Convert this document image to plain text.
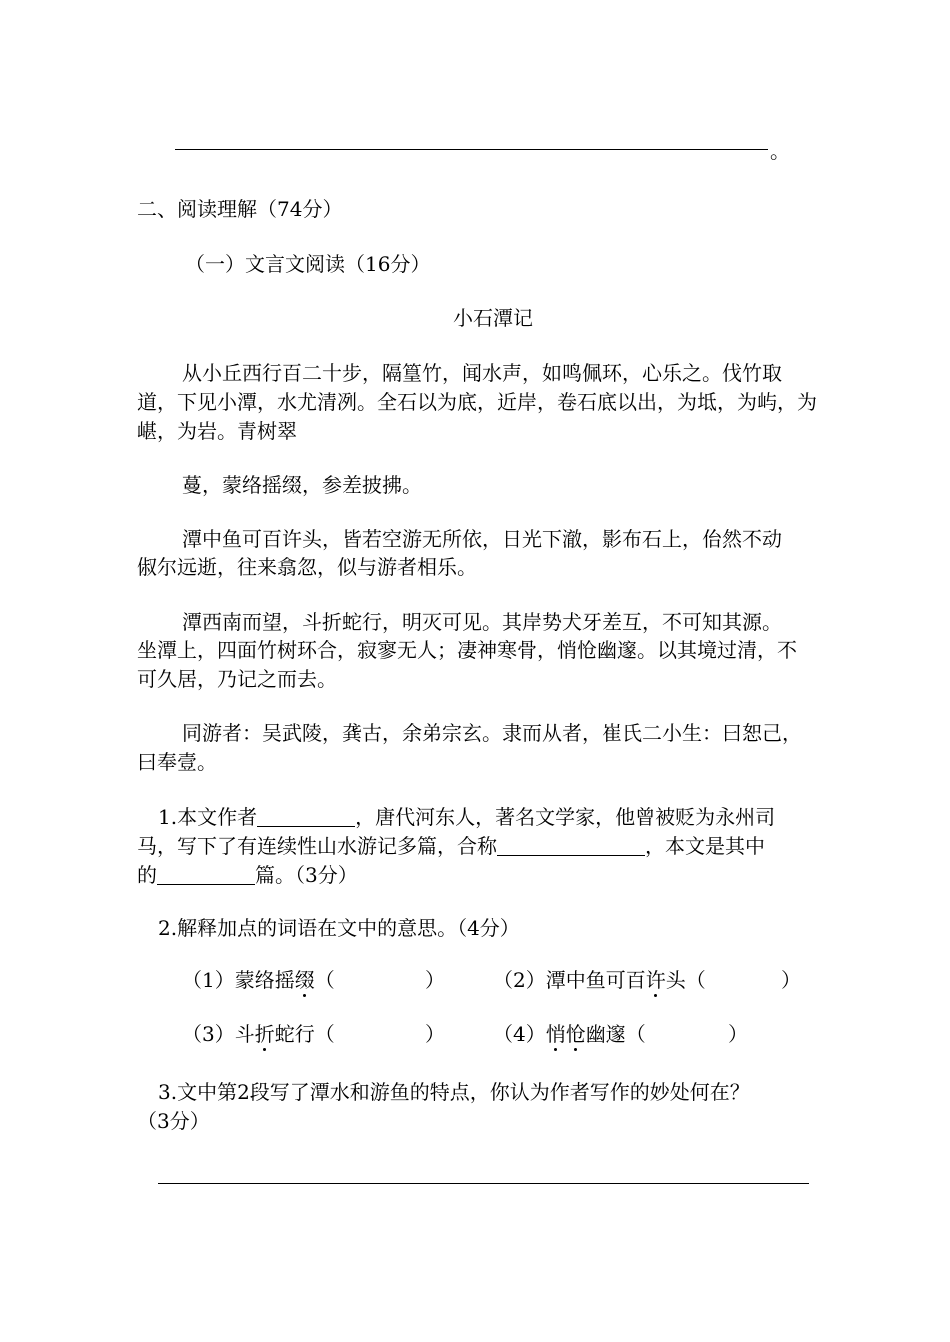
。
二、阅读理解（74分）
（一）文言文阅读（16分）
小石潭记
从小丘西行百二十步，隔篁竹，闻水声，如鸣佩环，心乐之。伐竹取
道，下见小潭，水尤清冽。全石以为底，近岸，卷石底以出，为坻，为屿，为
嵁，为岩。青树翠
蔓，蒙络摇缀，参差披拂。
潭中鱼可百许头，皆若空游无所依，日光下澈，影布石上，佁然不动
俶尔远逝，往来翕忽，似与游者相乐。
潭西南而望，斗折蛇行，明灭可见。其岸势犬牙差互，不可知其源。
坐潭上，四面竹树环合，寂寥无人；凄神寒骨，悄怆幽邃。以其境过清，不
可久居，乃记之而去。
同游者：吴武陵，龚古，余弟宗玄。隶而从者，崔氏二小生：曰恕己，
曰奉壹。
1.本文作者	，唐代河东人，著名文学家，他曾被贬为永州司
马，写下了有连续性山水游记多篇，合称	，本文是其中
的	篇。（3分）
2.解释加点的词语在文中的意思。（4分）
（1）蒙络摇缀（	） （2）潭中鱼可百许头（	）
（3）斗折蛇行（	） （4）悄怆幽邃（	）
3.文中第2段写了潭水和游鱼的特点，你认为作者写作的妙处何在？
（3分）
